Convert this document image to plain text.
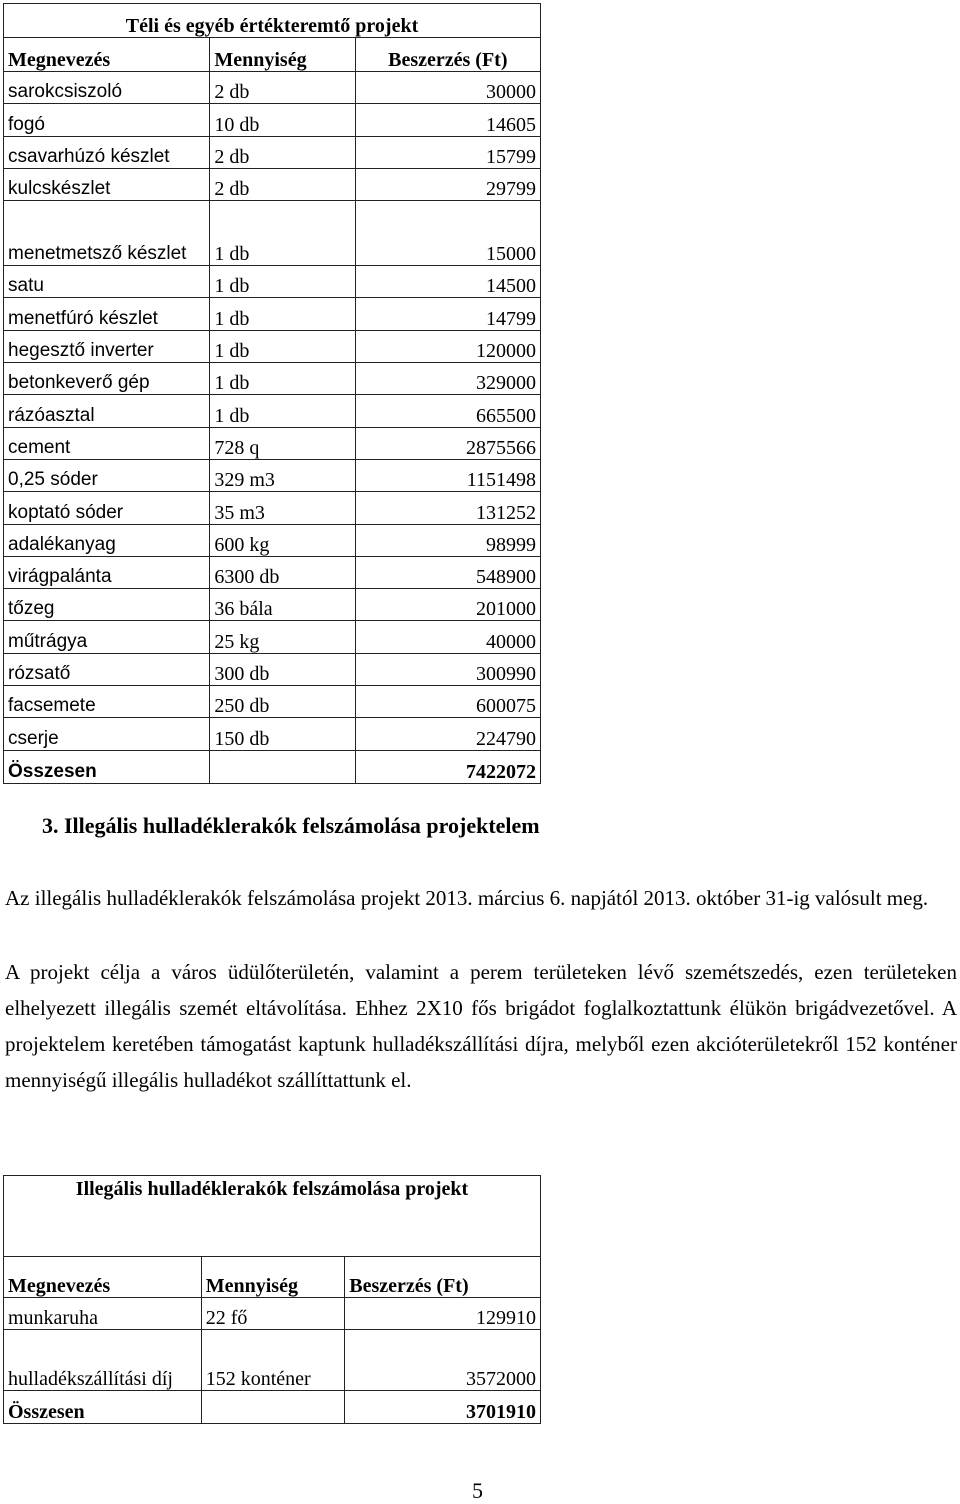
Téli és egyéb értékteremtő projekt		
Megnevezés	Mennyiség	Beszerzés (Ft)
sarokcsiszoló	2 db	30000
fogó	10 db	14605
csavarhúzó készlet	2 db	15799
kulcskészlet	2 db	29799
menetmetsző készlet	1 db	15000
satu	1 db	14500
menetfúró készlet	1 db	14799
hegesztő inverter	1 db	120000
betonkeverő gép	1 db	329000
rázóasztal	1 db	665500
cement	728 q	2875566
0,25 sóder	329 m3	1151498
koptató sóder	35 m3	131252
adalékanyag	600 kg	98999
virágpalánta	6300 db	548900
tőzeg	36 bála	201000
műtrágya	25 kg	40000
rózsatő	300 db	300990
facsemete	250 db	600075
cserje	150 db	224790
Összesen		7422072
3. Illegális hulladéklerakók felszámolása projektelem

Az illegális hulladéklerakók felszámolása projekt 2013. március 6. napjától 2013. október 31-ig valósult meg.

A projekt célja a város üdülőterületén, valamint a perem területeken lévő szemétszedés, ezen területeken elhelyezett illegális szemét eltávolítása. Ehhez 2X10 fős brigádot foglalkoztattunk élükön brigádvezetővel. A projektelem keretében támogatást kaptunk hulladékszállítási díjra, melyből ezen akcióterületekről 152 konténer mennyiségű illegális hulladékot szállíttattunk el.

Illegális hulladéklerakók felszámolása projekt		
Megnevezés	Mennyiség	Beszerzés (Ft)
munkaruha	22 fő	129910
hulladékszállítási díj	152 konténer	3572000
Összesen		3701910
5
